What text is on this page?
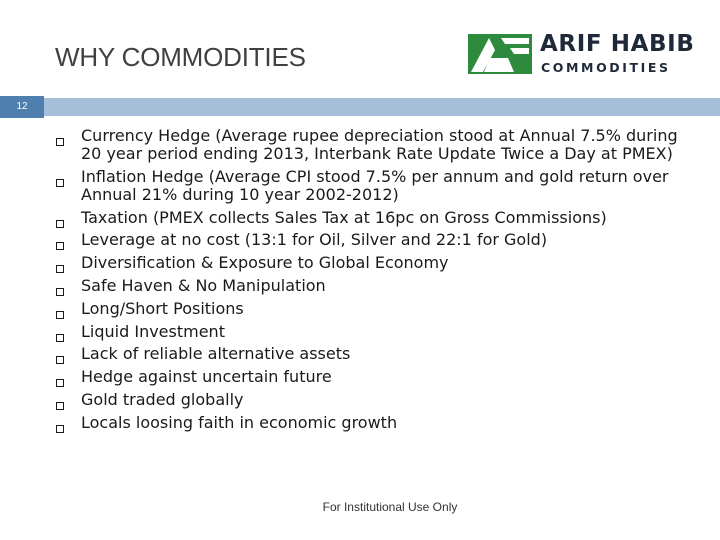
WHY COMMODITIES	ARIF HABIB
COMMODITIES
12
Currency Hedge (Average rupee depreciation stood at Annual 7.5% during 20 year period ending 2013, Interbank Rate Update Twice a Day at PMEX)
Inflation Hedge (Average CPI stood 7.5% per annum and gold return over Annual 21% during 10 year 2002-2012)
Taxation (PMEX collects Sales Tax at 16pc on Gross Commissions)
Leverage at no cost (13:1 for Oil, Silver and 22:1 for Gold)
Diversification & Exposure to Global Economy
Safe Haven & No Manipulation
Long/Short Positions
Liquid Investment
Lack of reliable alternative assets
Hedge against uncertain future
Gold traded globally
Locals loosing faith in economic growth
For Institutional Use Only
